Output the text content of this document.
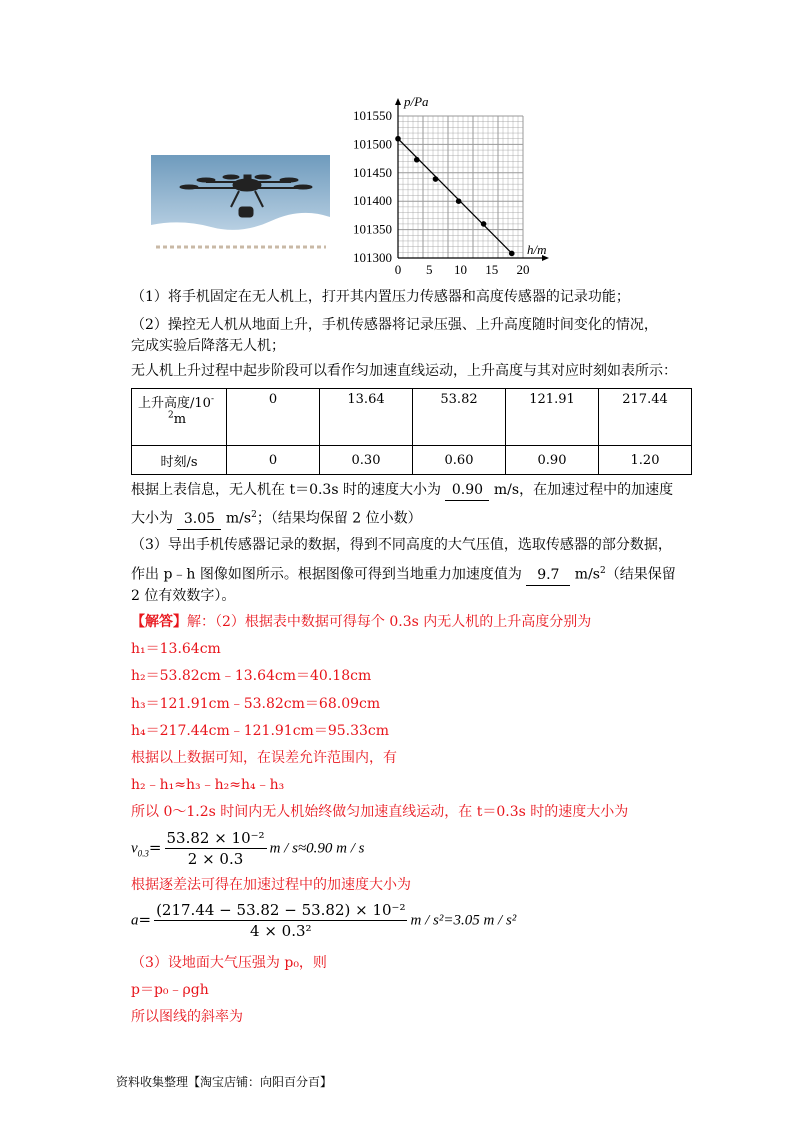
0 5 10 15 20
101550
101500
101450
101400
101350
101300
p/Pa
h/m
（1）将手机固定在无人机上，打开其内置压力传感器和高度传感器的记录功能；
（2）操控无人机从地面上升，手机传感器将记录压强、上升高度随时间变化的情况，
完成实验后降落无人机；
无人机上升过程中起步阶段可以看作匀加速直线运动，上升高度与其对应时刻如表所示：
上升高度/10-
$^2$m	0	13.64	53.82	121.91	217.44
时刻/s	0	0.30	0.60	0.90	1.20
根据上表信息，无人机在 t＝0.3s 时的速度大小为 0.90 m/s，在加速过程中的加速度
大小为 3.05 $m/s^2$；（结果均保留 2 位小数）
（3）导出手机传感器记录的数据，得到不同高度的大气压值，选取传感器的部分数据，
作出 p﹣h 图像如图所示。根据图像可得到当地重力加速度值为 9.7 $m/s^2$（结果保留
2 位有效数字）。
【解答】解：（2）根据表中数据可得每个 0.3s 内无人机的上升高度分别为
h₁＝13.64cm
h₂＝53.82cm﹣13.64cm＝40.18cm
h₃＝121.91cm﹣53.82cm＝68.09cm
h₄＝217.44cm﹣121.91cm＝95.33cm
根据以上数据可知，在误差允许范围内，有
h₂﹣h₁≈h₃﹣h₂≈h₄﹣h₃
所以 0～1.2s 时间内无人机始终做匀加速直线运动，在 t＝0.3s 时的速度大小为
$v_{0.3}= \frac{\text{53.82 × 10⁻²}}{2 \times 0.3}$ m / s≈0.90 m / s
根据逐差法可得在加速过程中的加速度大小为
$a= \frac{\text{(217.44 − 53.82 − 53.82) × 10⁻²}}{\text{4 × 0.3²}}$ m / s²=3.05 m / s²
（3）设地面大气压强为 p₀，则
p＝p₀﹣ρgh
所以图线的斜率为
资料收集整理【淘宝店铺：向阳百分百】
